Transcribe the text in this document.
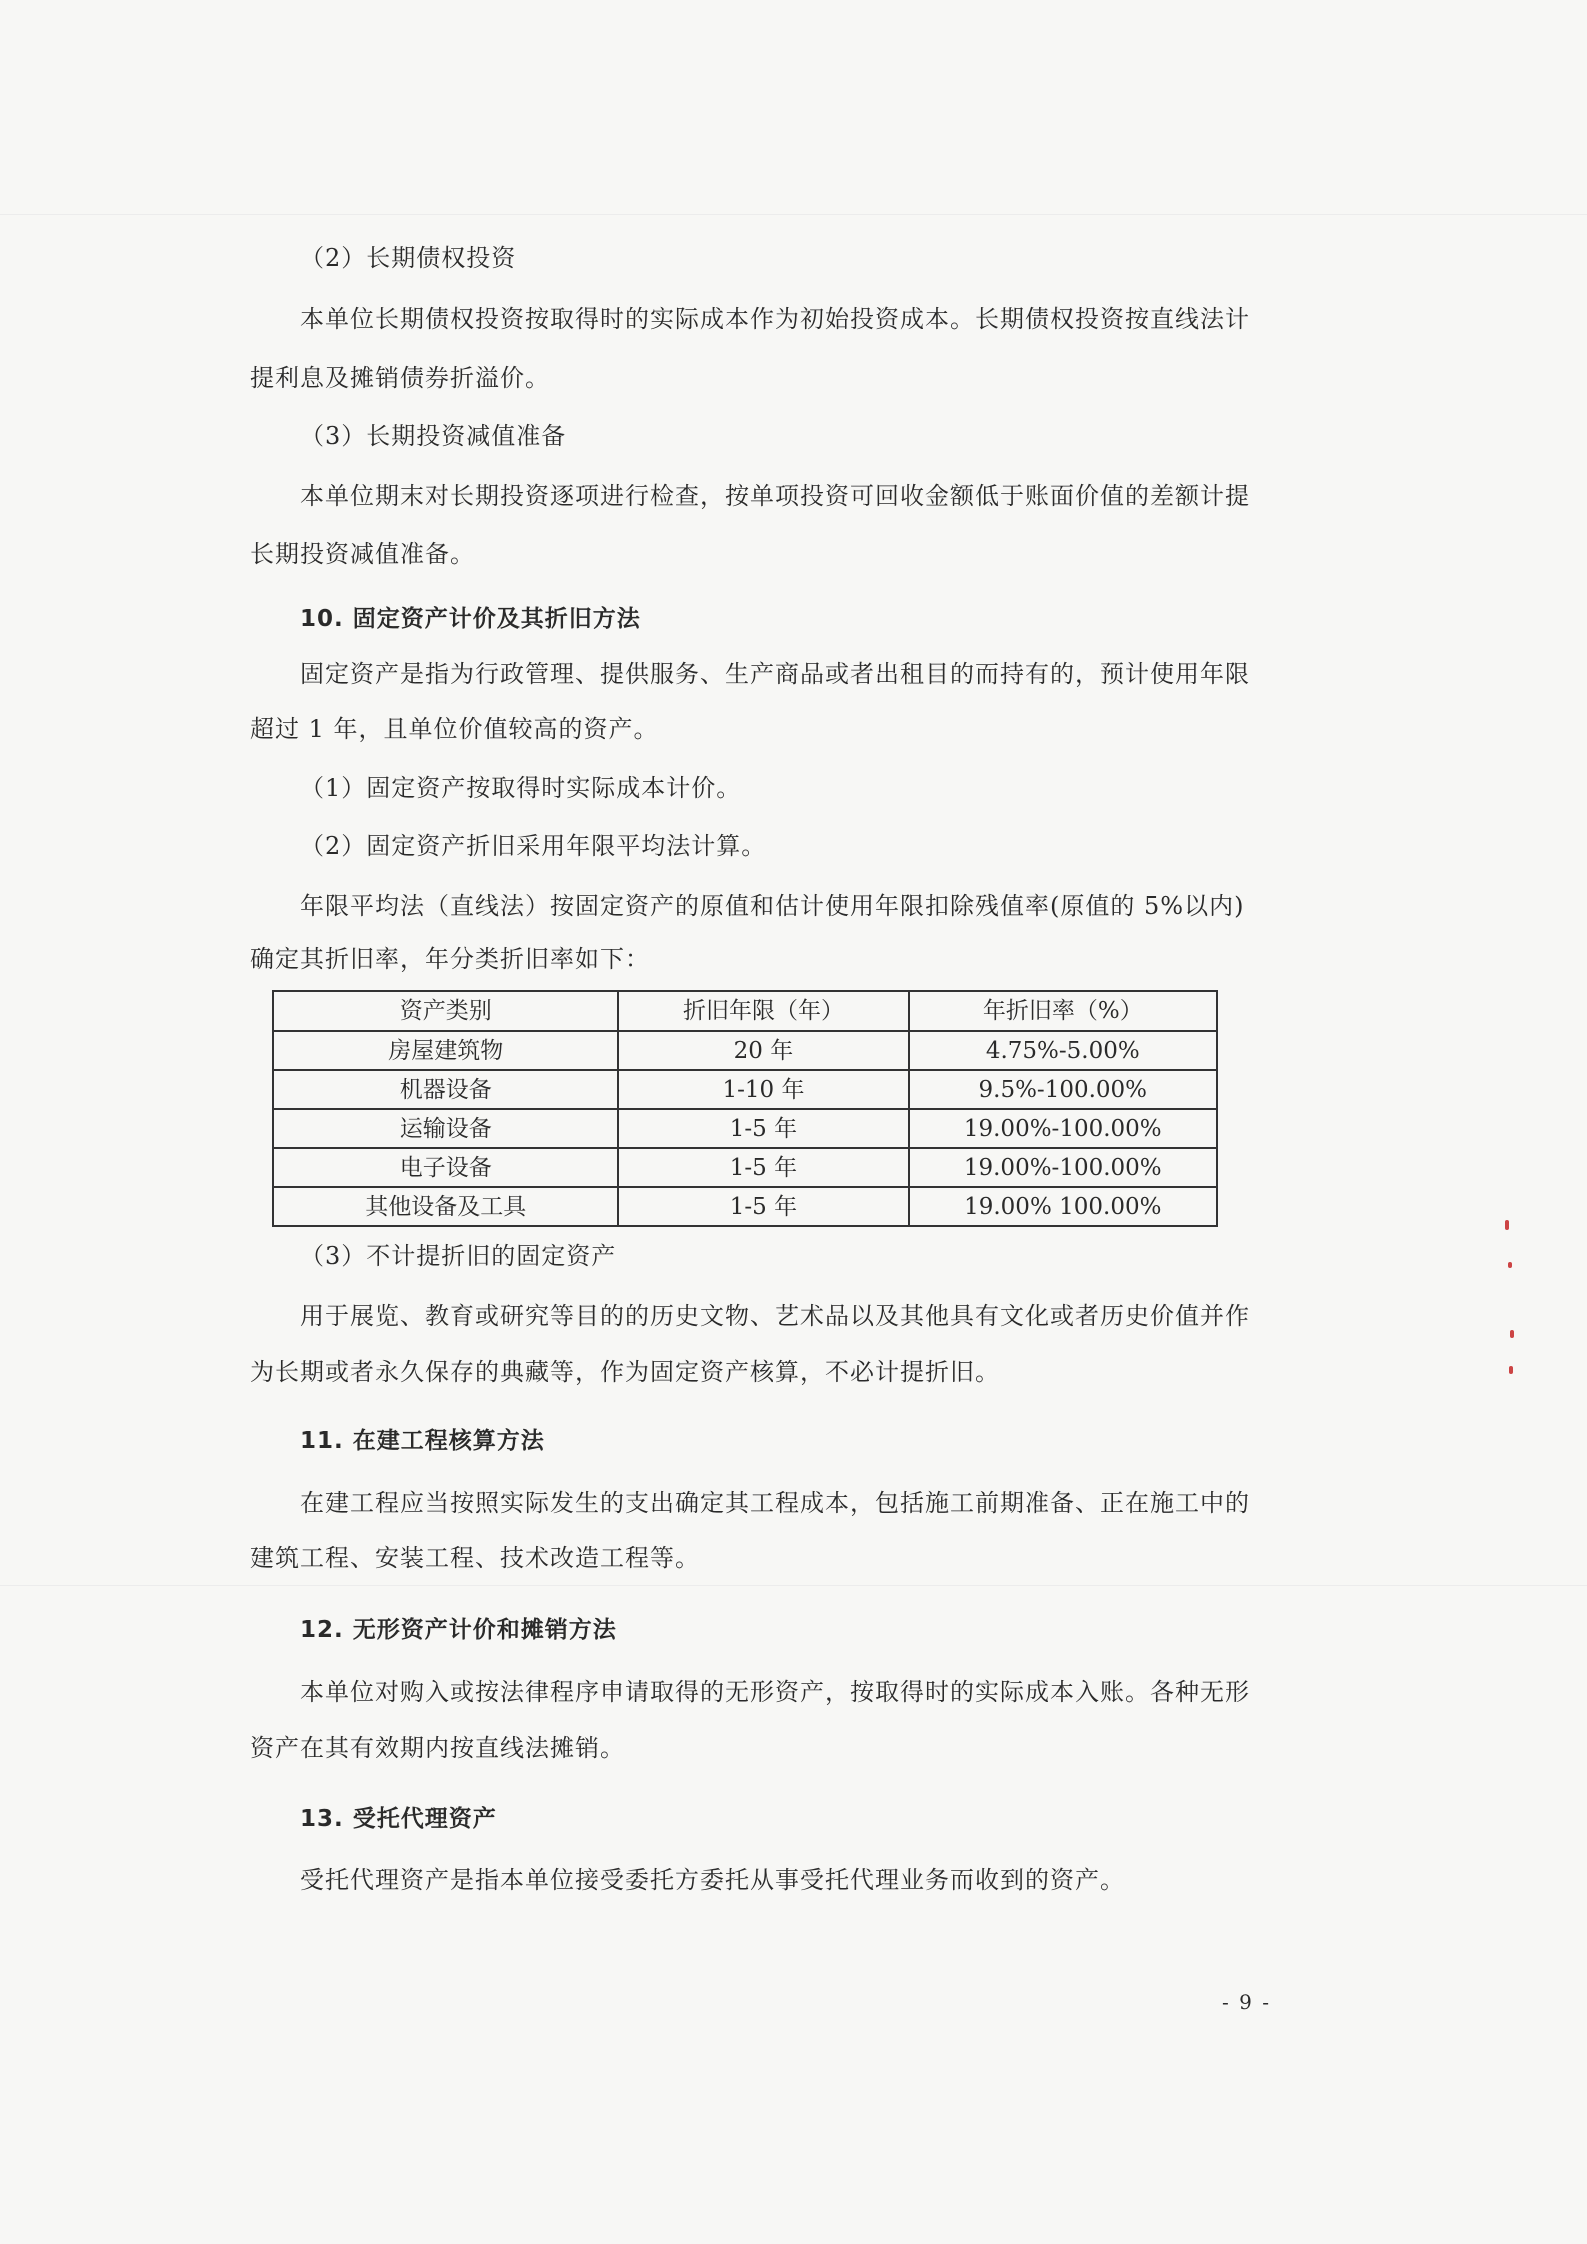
（2）长期债权投资
本单位长期债权投资按取得时的实际成本作为初始投资成本。长期债权投资按直线法计
提利息及摊销债券折溢价。
（3）长期投资减值准备
本单位期末对长期投资逐项进行检查，按单项投资可回收金额低于账面价值的差额计提
长期投资减值准备。
10. 固定资产计价及其折旧方法
固定资产是指为行政管理、提供服务、生产商品或者出租目的而持有的，预计使用年限
超过 1 年，且单位价值较高的资产。
（1）固定资产按取得时实际成本计价。
（2）固定资产折旧采用年限平均法计算。
年限平均法（直线法）按固定资产的原值和估计使用年限扣除残值率(原值的 5%以内)
确定其折旧率，年分类折旧率如下：
资产类别	折旧年限（年）	年折旧率（%）
房屋建筑物	20 年	4.75%-5.00%
机器设备	1-10 年	9.5%-100.00%
运输设备	1-5 年	19.00%-100.00%
电子设备	1-5 年	19.00%-100.00%
其他设备及工具	1-5 年	19.00% 100.00%
（3）不计提折旧的固定资产
用于展览、教育或研究等目的的历史文物、艺术品以及其他具有文化或者历史价值并作
为长期或者永久保存的典藏等，作为固定资产核算，不必计提折旧。
11. 在建工程核算方法
在建工程应当按照实际发生的支出确定其工程成本，包括施工前期准备、正在施工中的
建筑工程、安装工程、技术改造工程等。
12. 无形资产计价和摊销方法
本单位对购入或按法律程序申请取得的无形资产，按取得时的实际成本入账。各种无形
资产在其有效期内按直线法摊销。
13. 受托代理资产
受托代理资产是指本单位接受委托方委托从事受托代理业务而收到的资产。
- 9 -
